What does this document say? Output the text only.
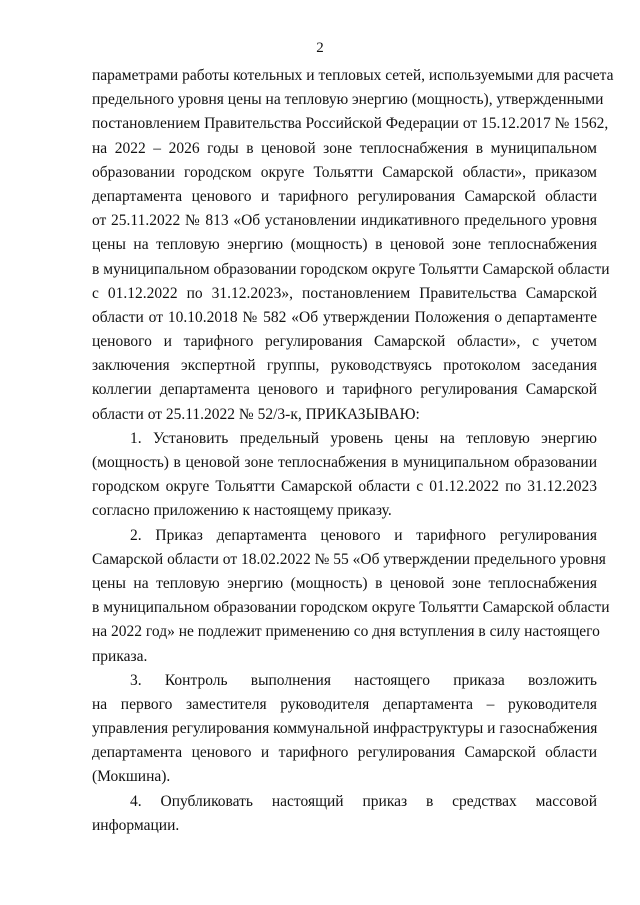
2
параметрами работы котельных и тепловых сетей, используемыми для расчета
предельного уровня цены на тепловую энергию (мощность), утвержденными
постановлением Правительства Российской Федерации от 15.12.2017 № 1562,
на 2022 – 2026 годы в ценовой зоне теплоснабжения в муниципальном
образовании городском округе Тольятти Самарской области», приказом
департамента ценового и тарифного регулирования Самарской области
от 25.11.2022 № 813 «Об установлении индикативного предельного уровня
цены на тепловую энергию (мощность) в ценовой зоне теплоснабжения
в муниципальном образовании городском округе Тольятти Самарской области
с 01.12.2022 по 31.12.2023», постановлением Правительства Самарской
области от 10.10.2018 № 582 «Об утверждении Положения о департаменте
ценового и тарифного регулирования Самарской области», с учетом
заключения экспертной группы, руководствуясь протоколом заседания
коллегии департамента ценового и тарифного регулирования Самарской
области от 25.11.2022 № 52/3-к, ПРИКАЗЫВАЮ:
1. Установить предельный уровень цены на тепловую энергию
(мощность) в ценовой зоне теплоснабжения в муниципальном образовании
городском округе Тольятти Самарской области с 01.12.2022 по 31.12.2023
согласно приложению к настоящему приказу.
2. Приказ департамента ценового и тарифного регулирования
Самарской области от 18.02.2022 № 55 «Об утверждении предельного уровня
цены на тепловую энергию (мощность) в ценовой зоне теплоснабжения
в муниципальном образовании городском округе Тольятти Самарской области
на 2022 год» не подлежит применению со дня вступления в силу настоящего
приказа.
3. Контроль выполнения настоящего приказа возложить
на первого заместителя руководителя департамента – руководителя
управления регулирования коммунальной инфраструктуры и газоснабжения
департамента ценового и тарифного регулирования Самарской области
(Мокшина).
4. Опубликовать настоящий приказ в средствах массовой
информации.
